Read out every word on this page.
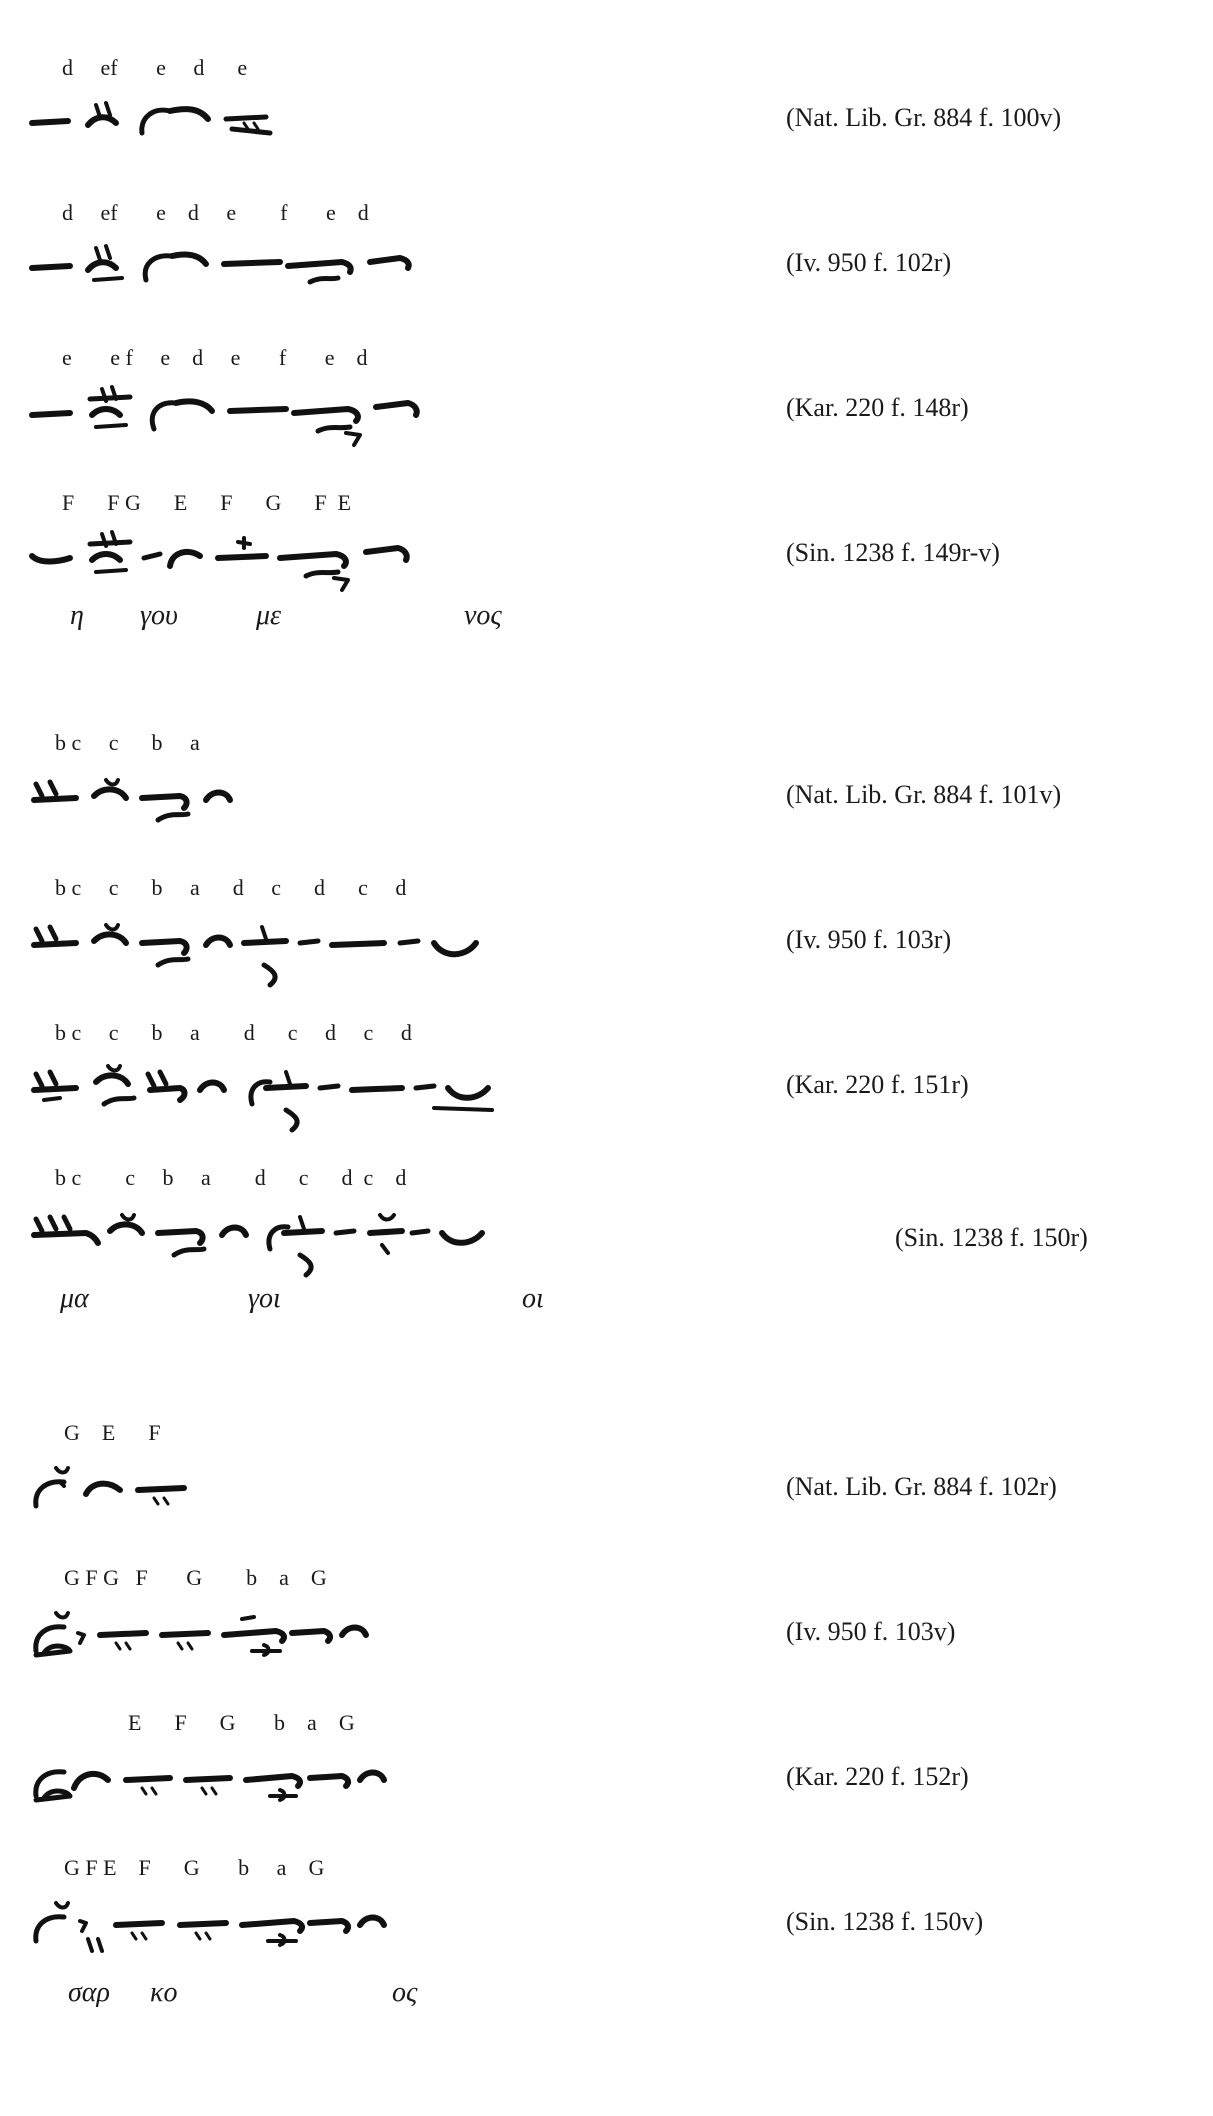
d     ef       e     d      e
(Nat. Lib. Gr. 884 f. 100v)
d     ef       e    d     e        f       e    d
(Iv. 950 f. 102r)
e       e f     e    d     e       f       e    d
(Kar. 220 f. 148r)
F      F G      E      F      G      F  E
(Sin. 1238 f. 149r-v)
η γου	με	νος
b c     c      b     a
(Nat. Lib. Gr. 884 f. 101v)
b c     c      b     a      d     c      d      c     d
(Iv. 950 f. 103r)
b c     c      b     a        d      c     d     c     d
(Kar. 220 f. 151r)
b c        c     b     a        d      c      d  c    d
(Sin. 1238 f. 150r)
μα	γοι	οι
G    E      F
(Nat. Lib. Gr. 884 f. 102r)
G F G   F       G        b    a    G
(Iv. 950 f. 103v)
E      F      G       b    a    G
(Kar. 220 f. 152r)
G F E    F      G       b     a    G
(Sin. 1238 f. 150v)
σαρ κο	ος
